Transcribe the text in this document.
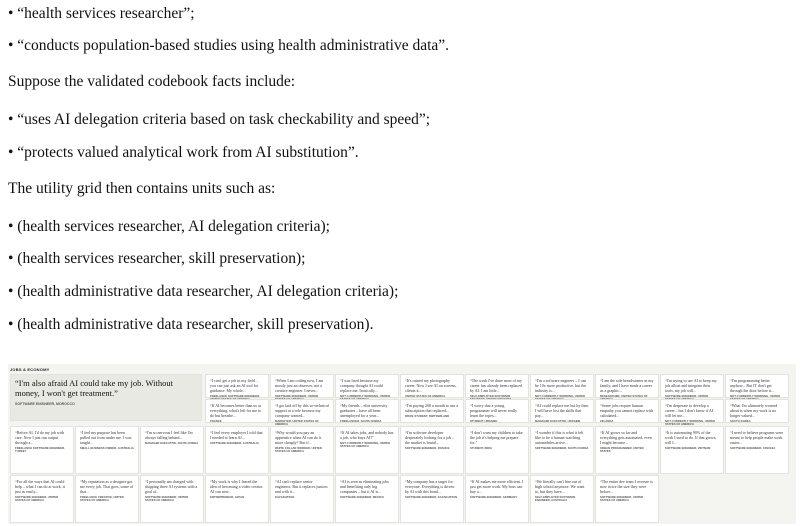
• “health services researcher”;
• “conducts population-based studies using health administrative data”.
Suppose the validated codebook facts include:
• “uses AI delegation criteria based on task checkability and speed”;
• “protects valued analytical work from AI substitution”.
The utility grid then contains units such as:
• (health services researcher, AI delegation criteria);
• (health services researcher, skill preservation);
• (health administrative data researcher, AI delegation criteria);
• (health administrative data researcher, skill preservation).
JOBS & ECONOMY
“I'm also afraid AI could take my job. Without money, I won't get treatment.”
SOFTWARE ENGINEER, MOROCCO
“I can't get a job in my field... you can just ask an AI tool for guidance. My whole...
FREELANCE SOFTWARE ENGINEER,
“When I am coding now, I am mostly just an observer, not a creative engineer. I never...
SOFTWARE ENGINEER, UNITED
“I was fired because my company thought AI could replace me. Ironically...
NOT CURRENTLY WORKING, UNITED
“It's ruined my photography career. Now I see AI on screens, clients it...
UNITED STATES OF AMERICA
“The work I've done most of my career has already been replaced by AI. I am little...
SELF-EMPLOYED SOFTWARE
“I'm a software engineer – I can be 10x more productive, but the industry is...
NOT CURRENTLY WORKING, UNITED
“I am the sole breadwinner in my family, and I have made a career as a graphic...
RESEARCHER, UNITED STATES OF
“I'm trying to use AI to keep my job afloat and integrate their tools, my job will...
SOFTWARE ENGINEER, UNITED
“I'm programming better anyhow... But IT don't get through the door before it...
NOT CURRENTLY WORKING, UNITED
“If AI becomes better than us at everything, what's left for me to do but breathe...
FRANCE
“I got laid off by this so-technical support at a role because my company wanted...
MARKETER, UNITED STATES OF AMERICA
“My friends – elite university graduates – have all been unemployed for a year...
FREELANCER, SOUTH KOREA
“I'm paying 200 a month to use a subscription that replaced...
DRIVE STUDENT, SWITZERLAND
“I worry that a young programmer will never really learn the ropes...
STUDENT, UKRAINE
“AI could replace me but by then I will have lost the skills that pay...
MANAGER EXECUTIVE, UKRAINE
“Some jobs require human empathy you cannot replace with calculated...
ZELANDA
“I'm desperate to develop a career... but I don't know if AI will let me...
NOT CURRENTLY WORKING, UNITED STATES OF AMERICA
“What I'm ultimately worried about is when my work is no longer valued...
SOUTH KOREA
“Before AI, I'd do my job with care. Now I just run output through a...
FREELANCE SOFTWARE ENGINEER, TURKEY
“I feel my purpose has been pulled out from under me. I was taught...
SMALL BUSINESS OWNER, AUSTRALIA
“I'm so nervous I feel like I'm always falling behind...
MANAGER EXECUTIVE, SOUTH KOREA
“I feel every employer I told that I needed to learn AI...
SOFTWARE ENGINEER, AUSTRALIA
“Why would you pay an apprentice when AI can do it more cheaply? But if...
WHITE COLLAR WORKER, UNITED STATES OF AMERICA
“If AI takes jobs, and nobody has a job, who buys AI?”
NOT CURRENTLY WORKING, UNITED STATES OF AMERICA
“I'm software developer desperately looking for a job – the market is brutal...
SOFTWARE ENGINEER, FRANCE
“I don't want my children to take the job it's helping me prepare for.”
STUDENT, INDIA
“I wonder if this is what it felt like to be a human watching automobiles arrive...
SOFTWARE ENGINEER, SOUTH KOREA
“If AI grows so far and everything gets automated, even I might become...
URBAN PROGRAMMER, UNITED STATES
“It is automating 90% of the work I used to do. If that grows, will I...
SOFTWARE ENGINEER, VIETNAM
“I need to believe programs were meant to help people make work easier...
SOFTWARE ENGINEER, CZECHIA
“For all the ways that AI could help – what I can do at work, it just as easily...
SOFTWARE ENGINEER, UNITED STATES OF AMERICA
“My reputation as a designer got me every job. That goes, some of that...
FREELANCE CREATIVE, UNITED STATES OF AMERICA
“I personally am charged with shipping three AI systems with a goal of...
SOFTWARE ENGINEER, UNITED STATES OF AMERICA
“My work is why I feared the idea of becoming a video creator. AI can now...
ENTREPRENEUR, JAPAN
“AI can't replace senior engineers. But it replaces juniors and with it...
KAZAKHSTAN
“AI is seen as eliminating jobs and benefiting only big companies – but it AI is...
SOFTWARE ENGINEER, MEXICO
“My company has a target for everyone. Everything is driven by AI with this bond...
SOFTWARE ENGINEER, KAZAKHSTAN
“If AI makes me more efficient, I just get more work. My boss can buy a...
SOFTWARE ENGINEER, GERMANY
“We literally can't hire out of high school anymore. We want to, but they have...
SELF-EMPLOYED SOFTWARE ENGINEER, AUSTRALIA
“The entire dev team I oversee is now twice the size they were before...
SOFTWARE ENGINEER, UNITED STATES OF AMERICA
